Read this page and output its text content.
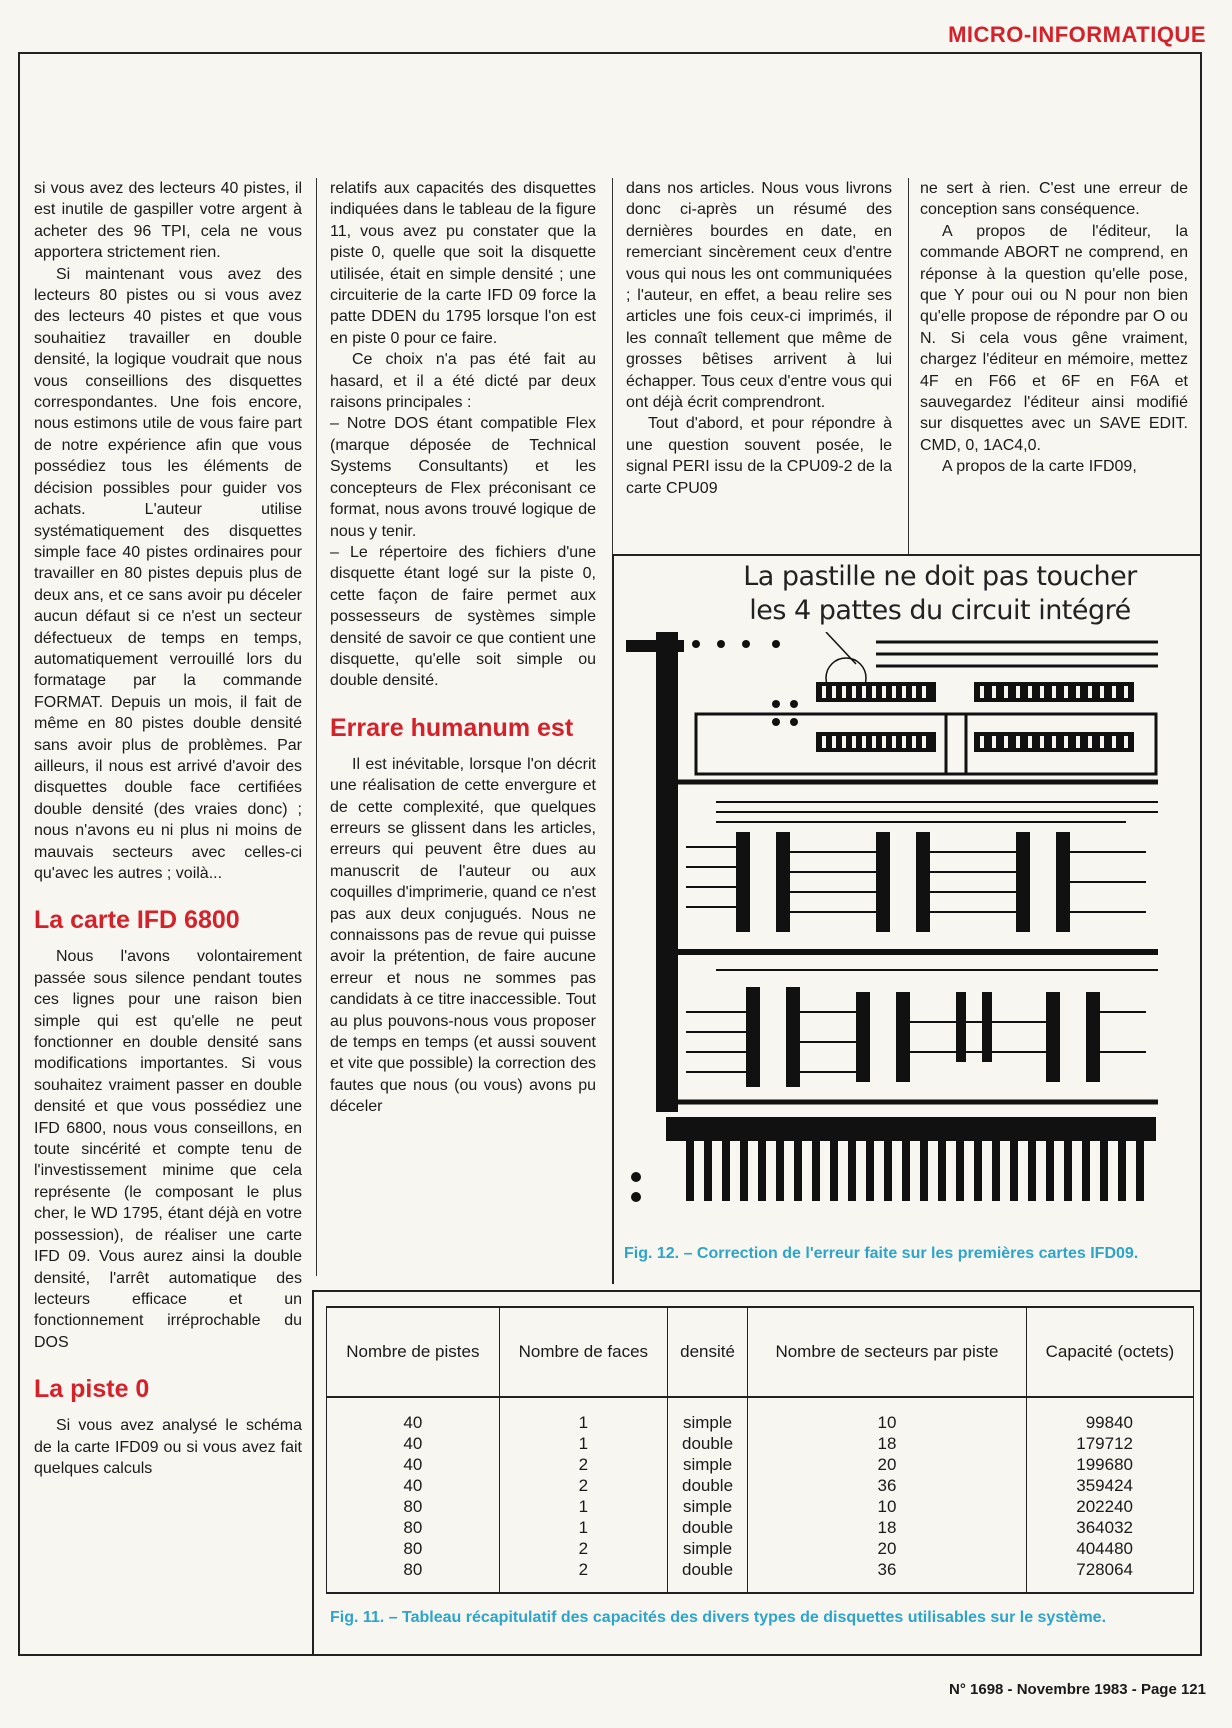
MICRO-INFORMATIQUE

si vous avez des lecteurs 40 pistes, il est inutile de gaspiller votre argent à acheter des 96 TPI, cela ne vous apportera strictement rien.

Si maintenant vous avez des lecteurs 80 pistes ou si vous avez des lecteurs 40 pistes et que vous souhaitiez travailler en double densité, la logique voudrait que nous vous conseillions des disquettes correspondantes. Une fois encore, nous estimons utile de vous faire part de notre expérience afin que vous possédiez tous les éléments de décision possibles pour guider vos achats. L'auteur utilise systématiquement des disquettes simple face 40 pistes ordinaires pour travailler en 80 pistes depuis plus de deux ans, et ce sans avoir pu déceler aucun défaut si ce n'est un secteur défectueux de temps en temps, automatiquement verrouillé lors du formatage par la commande FORMAT. Depuis un mois, il fait de même en 80 pistes double densité sans avoir plus de problèmes. Par ailleurs, il nous est arrivé d'avoir des disquettes double face certifiées double densité (des vraies donc) ; nous n'avons eu ni plus ni moins de mauvais secteurs avec celles-ci qu'avec les autres ; voilà...

La carte IFD 6800

Nous l'avons volontairement passée sous silence pendant toutes ces lignes pour une raison bien simple qui est qu'elle ne peut fonctionner en double densité sans modifications importantes. Si vous souhaitez vraiment passer en double densité et que vous possédiez une IFD 6800, nous vous conseillons, en toute sincérité et compte tenu de l'investissement minime que cela représente (le composant le plus cher, le WD 1795, étant déjà en votre possession), de réaliser une carte IFD 09. Vous aurez ainsi la double densité, l'arrêt automatique des lecteurs efficace et un fonctionnement irréprochable du DOS

La piste 0

Si vous avez analysé le schéma de la carte IFD09 ou si vous avez fait quelques calculs

relatifs aux capacités des disquettes indiquées dans le tableau de la figure 11, vous avez pu constater que la piste 0, quelle que soit la disquette utilisée, était en simple densité ; une circuiterie de la carte IFD 09 force la patte DDEN du 1795 lorsque l'on est en piste 0 pour ce faire.

Ce choix n'a pas été fait au hasard, et il a été dicté par deux raisons principales :

– Notre DOS étant compatible Flex (marque déposée de Technical Systems Consultants) et les concepteurs de Flex préconisant ce format, nous avons trouvé logique de nous y tenir.

– Le répertoire des fichiers d'une disquette étant logé sur la piste 0, cette façon de faire permet aux possesseurs de systèmes simple densité de savoir ce que contient une disquette, qu'elle soit simple ou double densité.

Errare humanum est

Il est inévitable, lorsque l'on décrit une réalisation de cette envergure et de cette complexité, que quelques erreurs se glissent dans les articles, erreurs qui peuvent être dues au manuscrit de l'auteur ou aux coquilles d'imprimerie, quand ce n'est pas aux deux conjugués. Nous ne connaissons pas de revue qui puisse avoir la prétention, de faire aucune erreur et nous ne sommes pas candidats à ce titre inaccessible. Tout au plus pouvons-nous vous proposer de temps en temps (et aussi souvent et vite que possible) la correction des fautes que nous (ou vous) avons pu déceler

dans nos articles. Nous vous livrons donc ci-après un résumé des dernières bourdes en date, en remerciant sincèrement ceux d'entre vous qui nous les ont communiquées ; l'auteur, en effet, a beau relire ses articles une fois ceux-ci imprimés, il les connaît tellement que même de grosses bêtises arrivent à lui échapper. Tous ceux d'entre vous qui ont déjà écrit comprendront.

Tout d'abord, et pour répondre à une question souvent posée, le signal PERI issu de la CPU09-2 de la carte CPU09

ne sert à rien. C'est une erreur de conception sans conséquence.

A propos de l'éditeur, la commande ABORT ne comprend, en réponse à la question qu'elle pose, que Y pour oui ou N pour non bien qu'elle propose de répondre par O ou N. Si cela vous gêne vraiment, chargez l'éditeur en mémoire, mettez 4F en F66 et 6F en F6A et sauvegardez l'éditeur ainsi modifié sur disquettes avec un SAVE EDIT. CMD, 0, 1AC4,0.

A propos de la carte IFD09,

La pastille ne doit pas toucher
les 4 pattes du circuit intégré
Fig. 12. – Correction de l'erreur faite sur les premières cartes IFD09.
Nombre de pistes	Nombre de faces	densité	Nombre de secteurs par piste	Capacité (octets)
40	1	simple	10	99840
40	1	double	18	179712
40	2	simple	20	199680
40	2	double	36	359424
80	1	simple	10	202240
80	1	double	18	364032
80	2	simple	20	404480
80	2	double	36	728064
Fig. 11. – Tableau récapitulatif des capacités des divers types de disquettes utilisables sur le système.
N° 1698 - Novembre 1983 - Page 121
